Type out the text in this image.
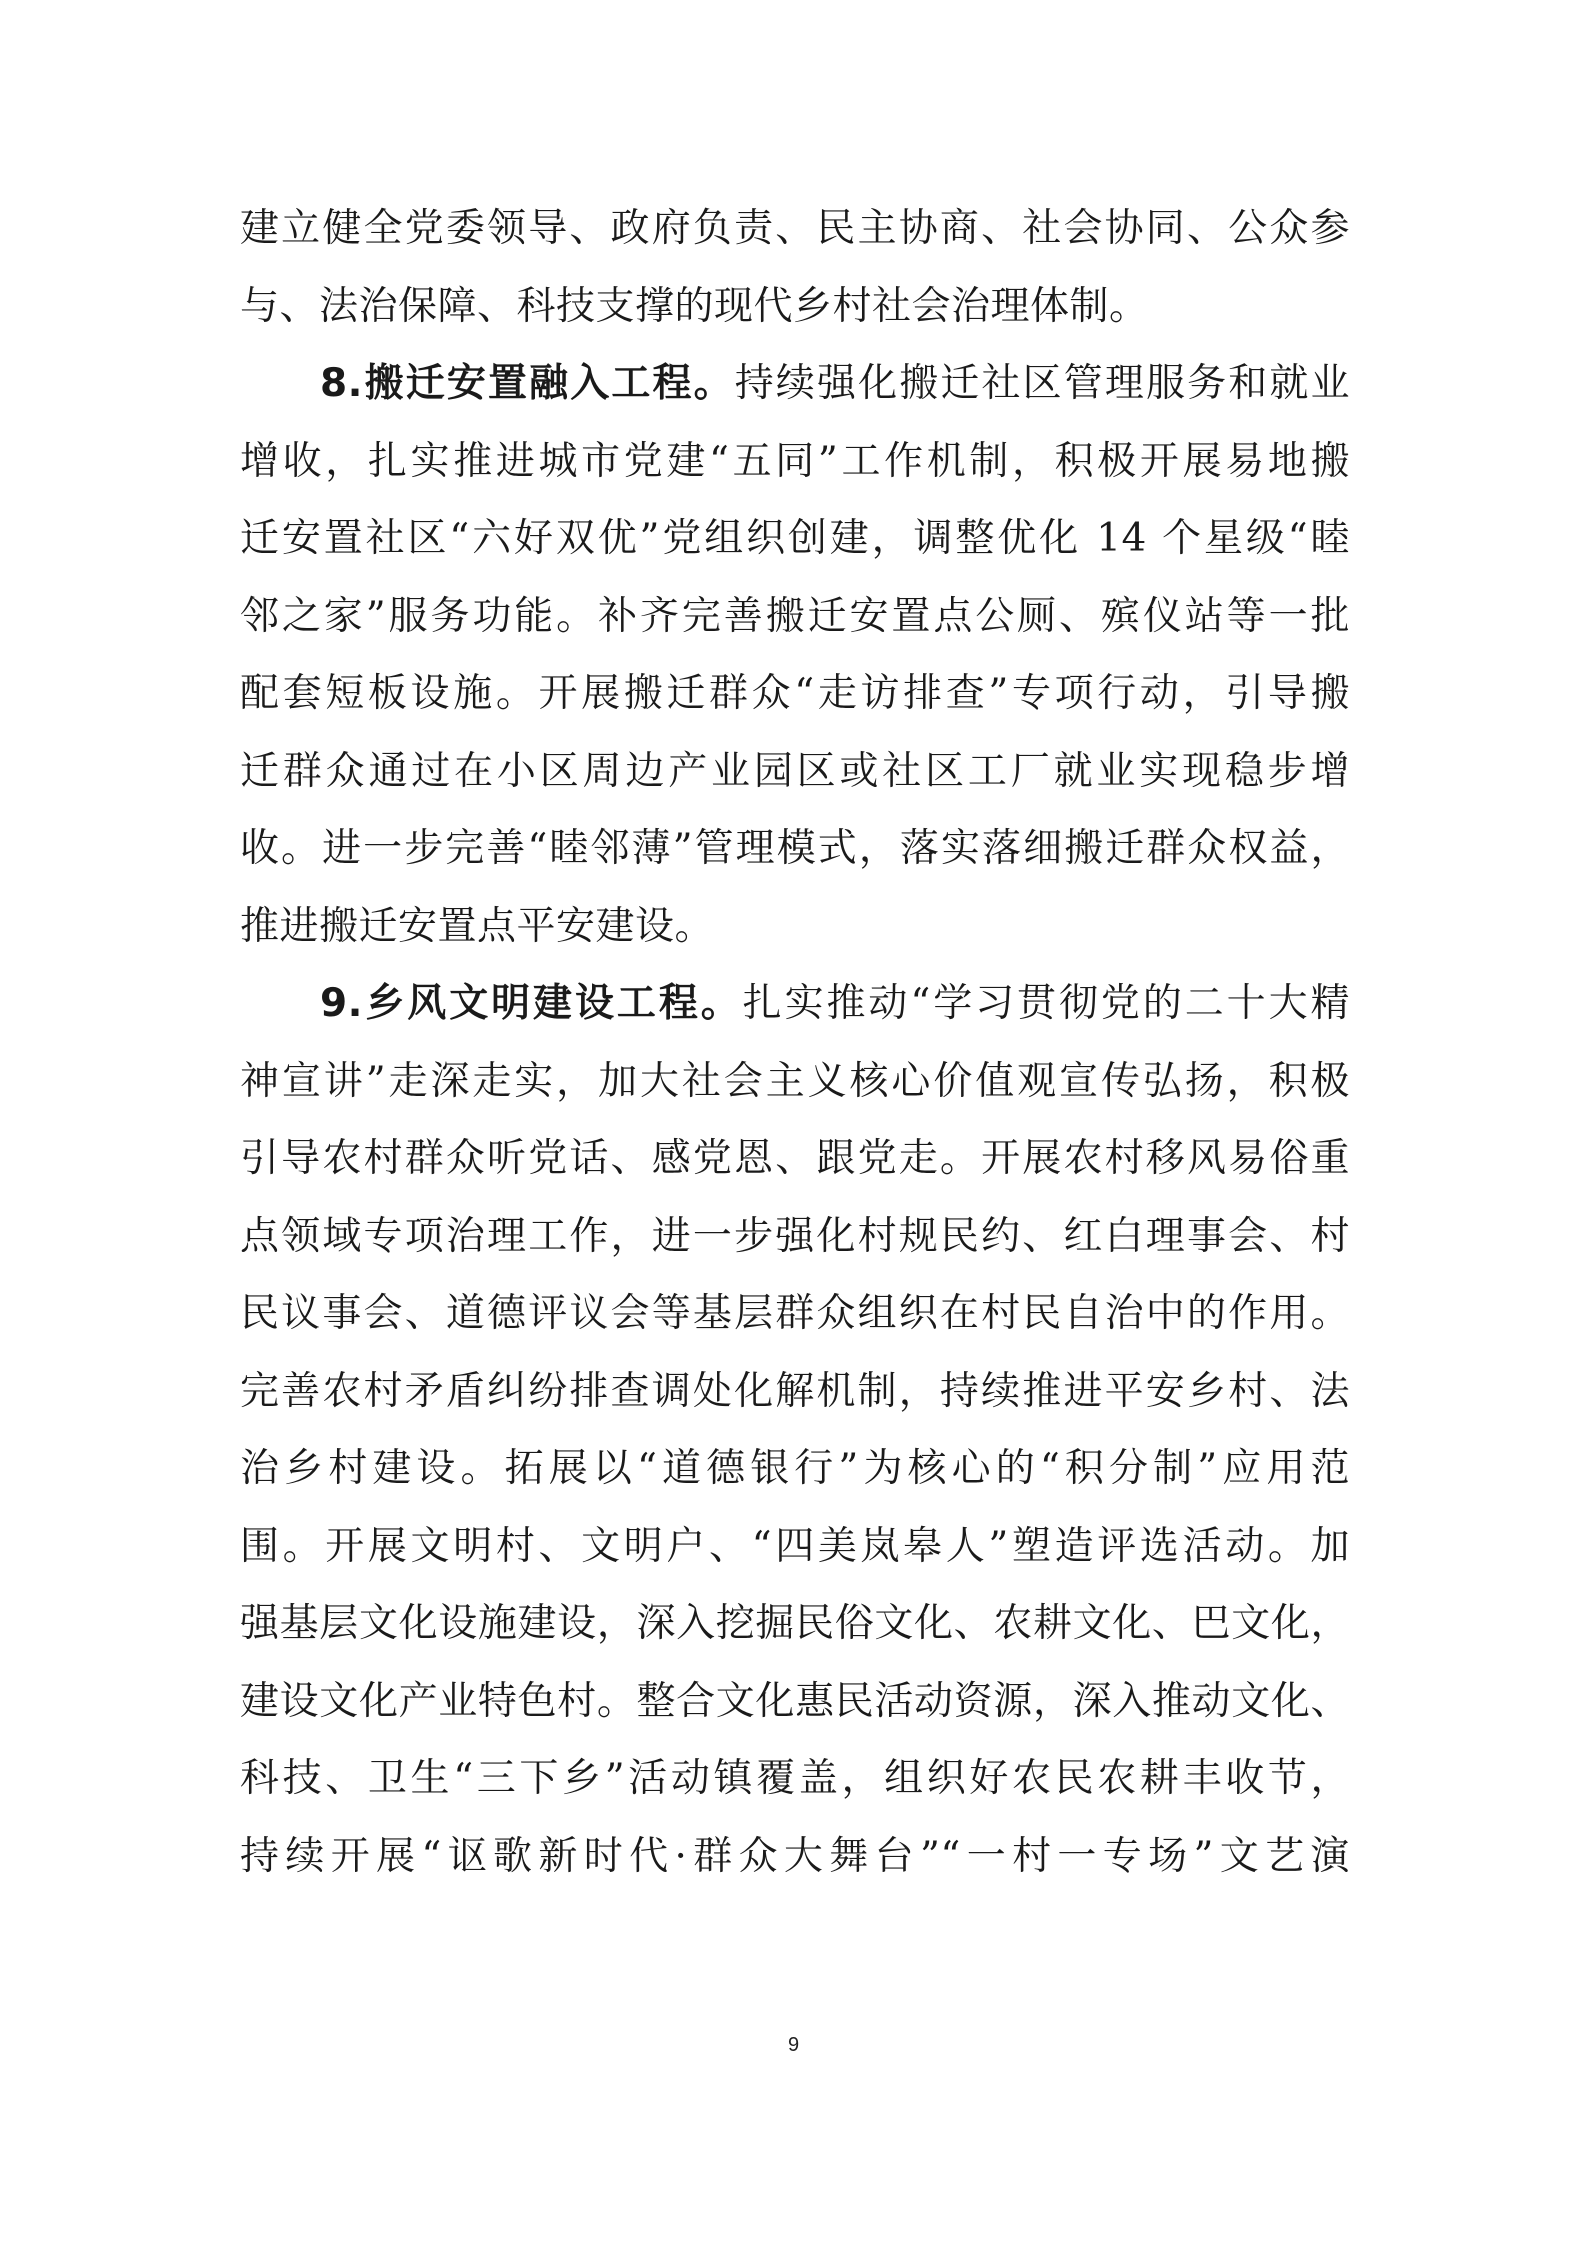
建立健全党委领导、政府负责、民主协商、社会协同、公众参
与、法治保障、科技支撑的现代乡村社会治理体制。
8.搬迁安置融入工程。持续强化搬迁社区管理服务和就业
增收，扎实推进城市党建“五同”工作机制，积极开展易地搬
迁安置社区“六好双优”党组织创建，调整优化 14 个星级“睦
邻之家”服务功能。补齐完善搬迁安置点公厕、殡仪站等一批
配套短板设施。开展搬迁群众“走访排查”专项行动，引导搬
迁群众通过在小区周边产业园区或社区工厂就业实现稳步增
收。进一步完善“睦邻薄”管理模式，落实落细搬迁群众权益，
推进搬迁安置点平安建设。
9.乡风文明建设工程。扎实推动“学习贯彻党的二十大精
神宣讲”走深走实，加大社会主义核心价值观宣传弘扬，积极
引导农村群众听党话、感党恩、跟党走。开展农村移风易俗重
点领域专项治理工作，进一步强化村规民约、红白理事会、村
民议事会、道德评议会等基层群众组织在村民自治中的作用。
完善农村矛盾纠纷排查调处化解机制，持续推进平安乡村、法
治乡村建设。拓展以“道德银行”为核心的“积分制”应用范
围。开展文明村、文明户、“四美岚皋人”塑造评选活动。加
强基层文化设施建设，深入挖掘民俗文化、农耕文化、巴文化，
建设文化产业特色村。整合文化惠民活动资源，深入推动文化、
科技、卫生“三下乡”活动镇覆盖，组织好农民农耕丰收节，
持续开展“讴歌新时代·群众大舞台”“一村一专场”文艺演
9
